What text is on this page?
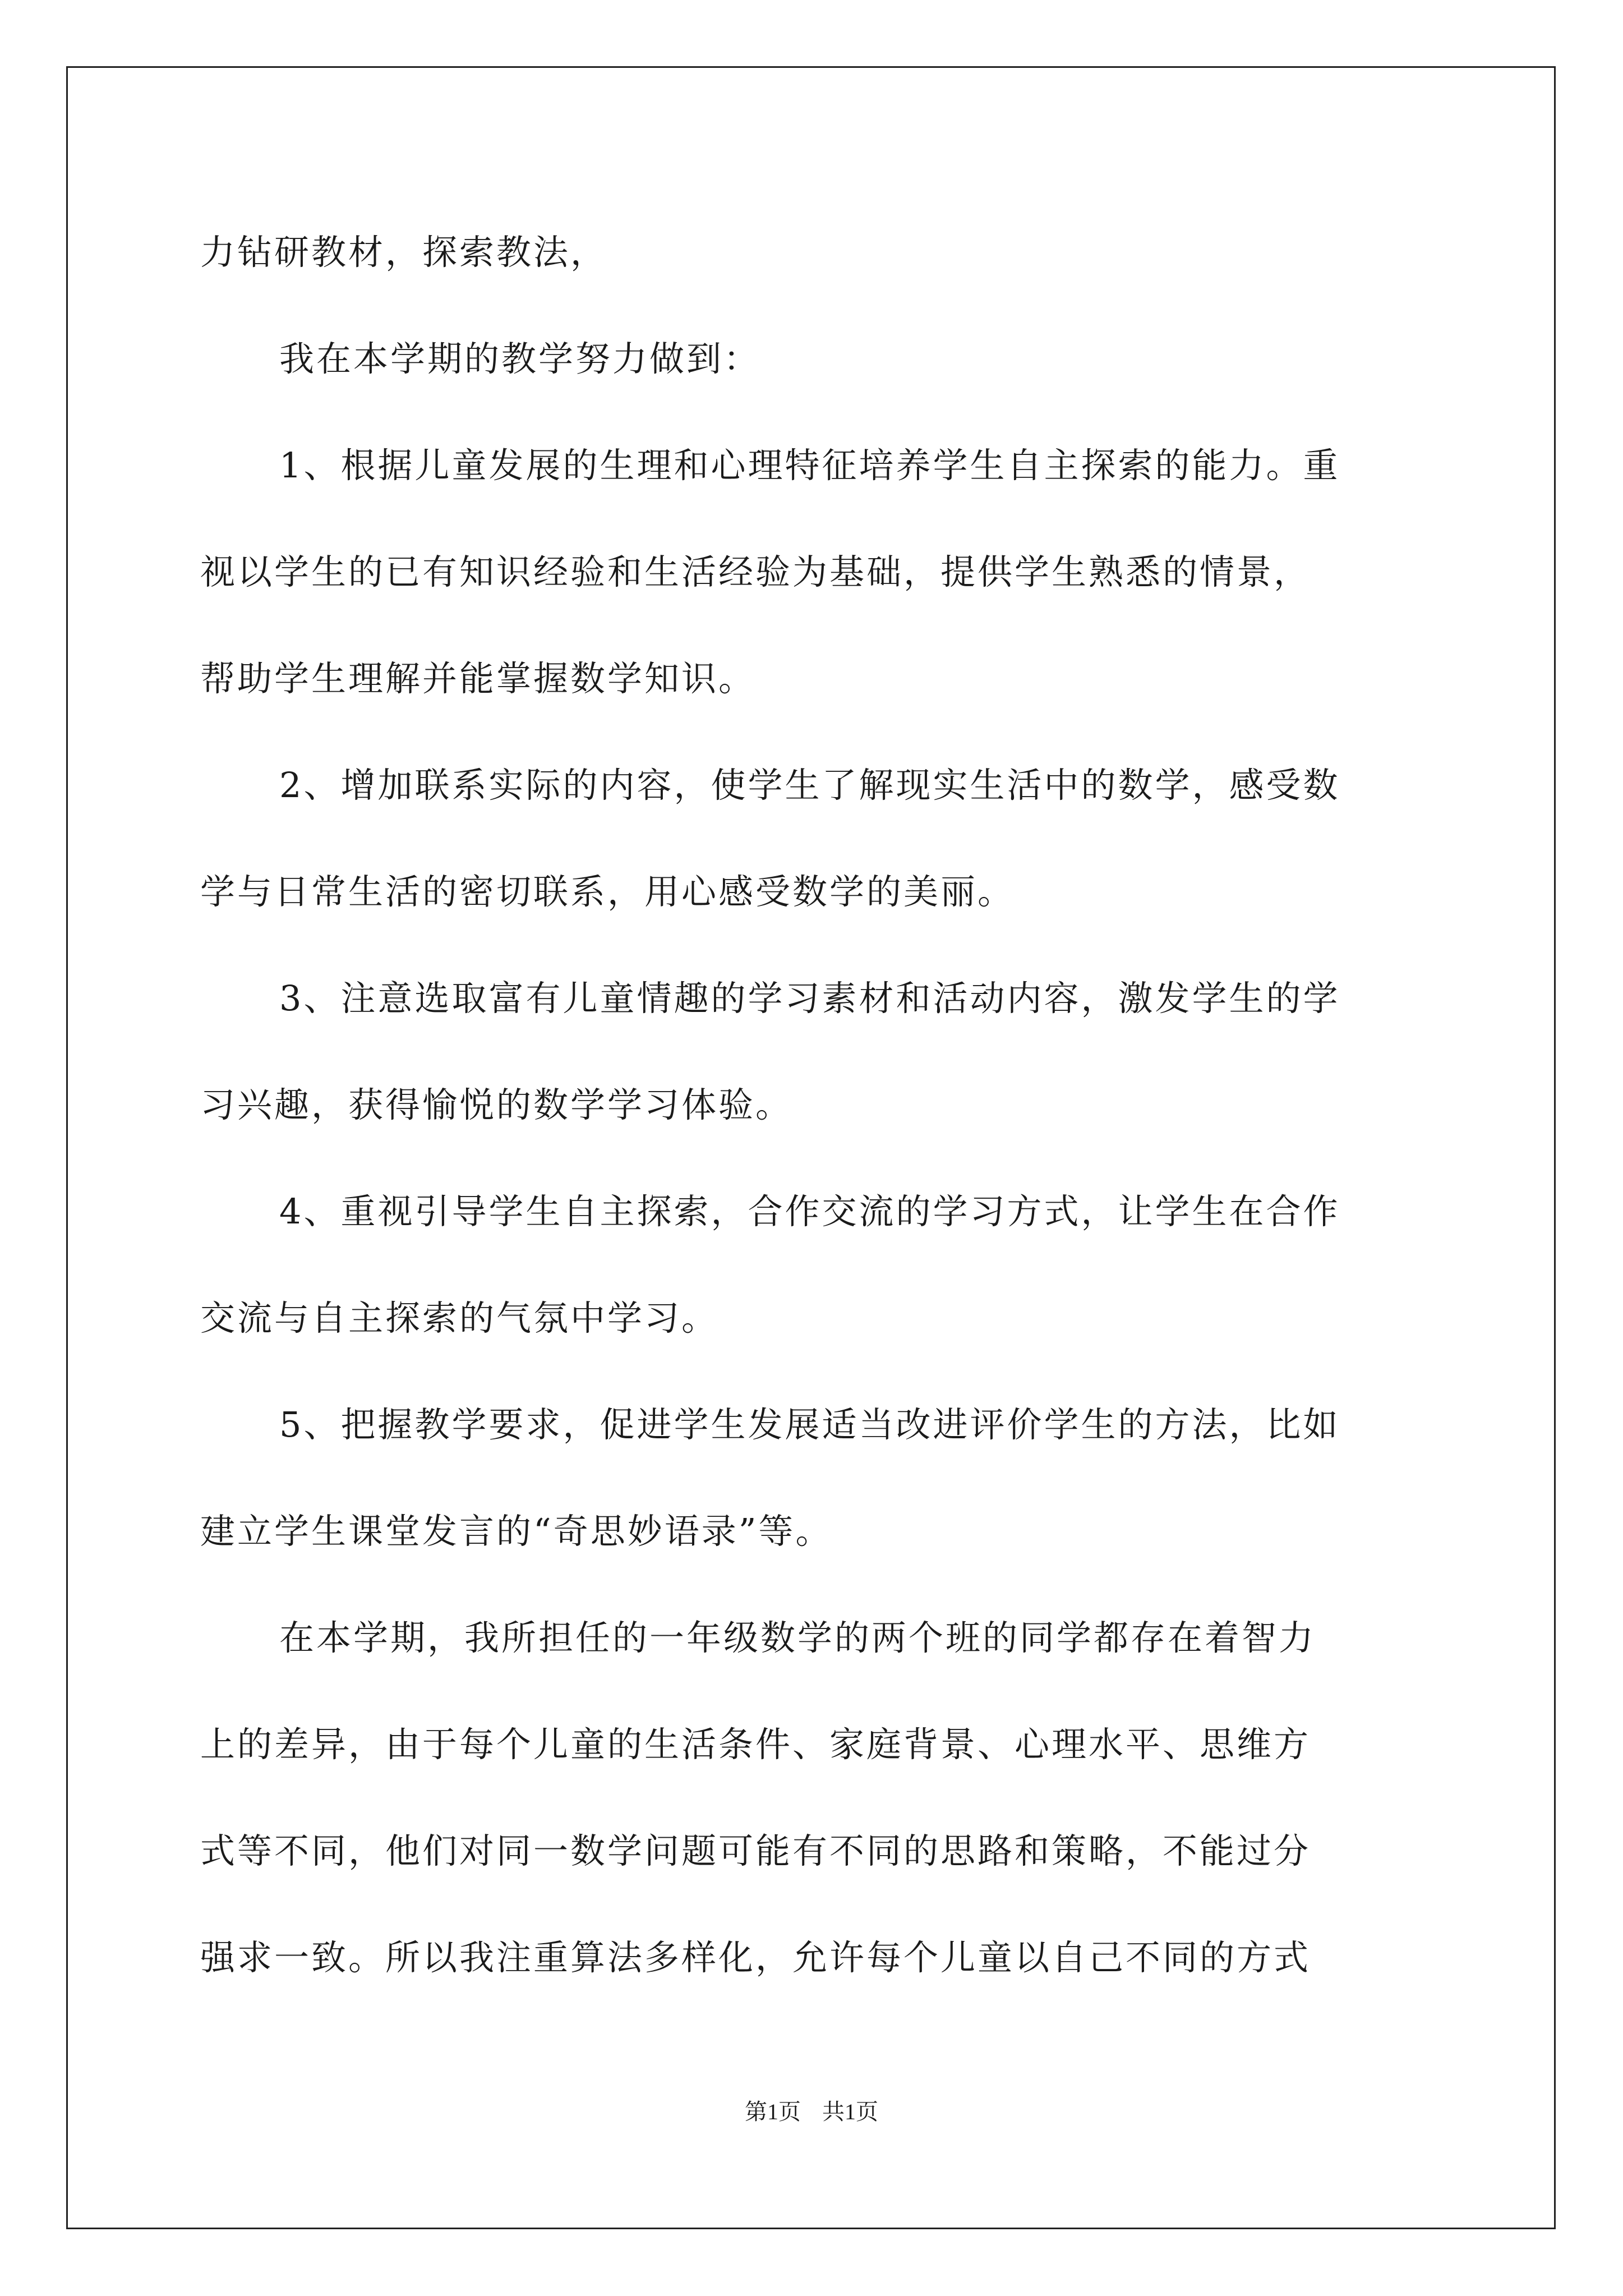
力钻研教材，探索教法，
我在本学期的教学努力做到：
1、根据儿童发展的生理和心理特征培养学生自主探索的能力。重
视以学生的已有知识经验和生活经验为基础，提供学生熟悉的情景，
帮助学生理解并能掌握数学知识。
2、增加联系实际的内容，使学生了解现实生活中的数学，感受数
学与日常生活的密切联系，用心感受数学的美丽。
3、注意选取富有儿童情趣的学习素材和活动内容，激发学生的学
习兴趣，获得愉悦的数学学习体验。
4、重视引导学生自主探索，合作交流的学习方式，让学生在合作
交流与自主探索的气氛中学习。
5、把握教学要求，促进学生发展适当改进评价学生的方法，比如
建立学生课堂发言的“奇思妙语录”等。
在本学期，我所担任的一年级数学的两个班的同学都存在着智力
上的差异，由于每个儿童的生活条件、家庭背景、心理水平、思维方
式等不同，他们对同一数学问题可能有不同的思路和策略，不能过分
强求一致。所以我注重算法多样化，允许每个儿童以自己不同的方式
第1页 共1页
